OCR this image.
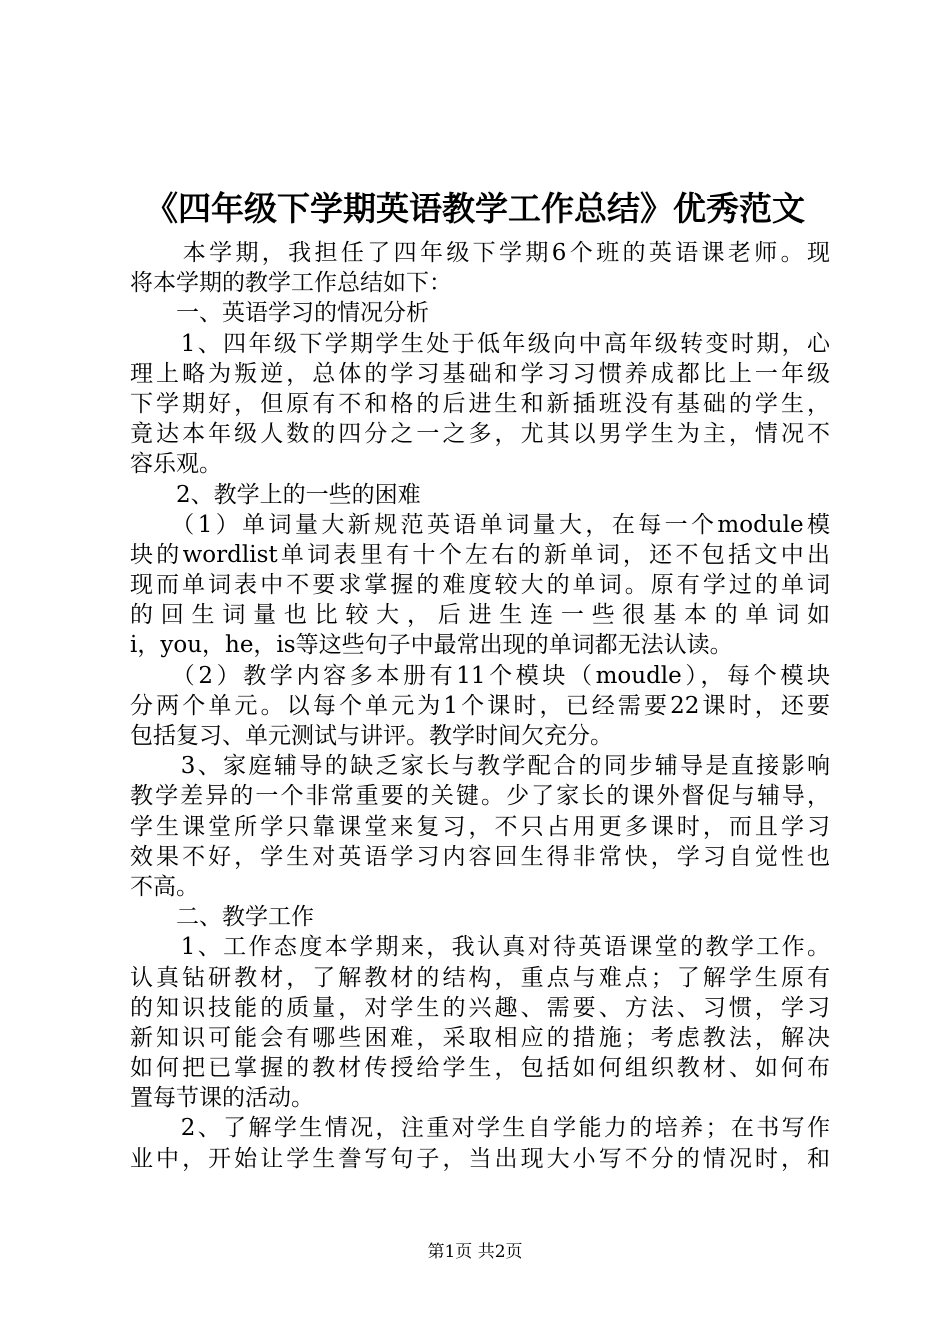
《四年级下学期英语教学工作总结》优秀范文
　　本学期，我担任了四年级下学期6个班的英语课老师。现
将本学期的教学工作总结如下：
　　一、英语学习的情况分析
　　1、四年级下学期学生处于低年级向中高年级转变时期，心
理上略为叛逆，总体的学习基础和学习习惯养成都比上一年级
下学期好，但原有不和格的后进生和新插班没有基础的学生，
竟达本年级人数的四分之一之多，尤其以男学生为主，情况不
容乐观。
　　2、教学上的一些的困难
　　（1）单词量大新规范英语单词量大，在每一个module模
块的wordlist单词表里有十个左右的新单词，还不包括文中出
现而单词表中不要求掌握的难度较大的单词。原有学过的单词
的 回 生 词 量 也 比 较 大 ， 后 进 生 连 一 些 很 基 本 的 单 词 如
i，you，he，is等这些句子中最常出现的单词都无法认读。
　　（2）教学内容多本册有11个模块（moudle），每个模块
分两个单元。以每个单元为1个课时，已经需要22课时，还要
包括复习、单元测试与讲评。教学时间欠充分。
　　3、家庭辅导的缺乏家长与教学配合的同步辅导是直接影响
教学差异的一个非常重要的关键。少了家长的课外督促与辅导，
学生课堂所学只靠课堂来复习，不只占用更多课时，而且学习
效果不好，学生对英语学习内容回生得非常快，学习自觉性也
不高。
　　二、教学工作
　　1、工作态度本学期来，我认真对待英语课堂的教学工作。
认真钻研教材，了解教材的结构，重点与难点；了解学生原有
的知识技能的质量，对学生的兴趣、需要、方法、习惯，学习
新知识可能会有哪些困难，采取相应的措施；考虑教法，解决
如何把已掌握的教材传授给学生，包括如何组织教材、如何布
置每节课的活动。
　　2、了解学生情况，注重对学生自学能力的培养；在书写作
业中，开始让学生誊写句子，当出现大小写不分的情况时，和
第1页 共2页
